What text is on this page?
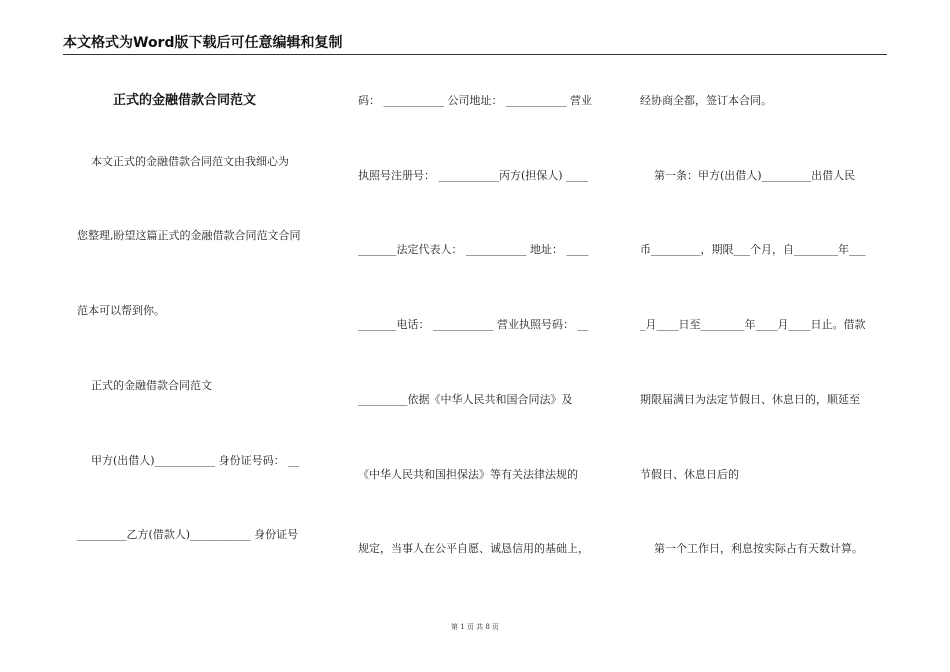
本文格式为Word版下载后可任意编辑和复制
正式的金融借款合同范文
本文正式的金融借款合同范文由我细心为
您整理,盼望这篇正式的金融借款合同范文合同
范本可以帮到你。
正式的金融借款合同范文
甲方(出借人)___________ 身份证号码： __
_________乙方(借款人)___________ 身份证号
码： ___________ 公司地址： ___________ 营业
执照号注册号： ___________丙方(担保人) ____
_______法定代表人： ___________ 地址： ____
_______电话： ___________ 营业执照号码： __
_________依据《中华人民共和国合同法》及
《中华人民共和国担保法》等有关法律法规的
规定，当事人在公平自愿、诚恳信用的基础上，
经协商全都，签订本合同。
第一条：甲方(出借人)_________出借人民
币_________，期限___个月，自________年___
_月____日至________年____月____日止。借款
期限届满日为法定节假日、休息日的，顺延至
节假日、休息日后的
第一个工作日，利息按实际占有天数计算。
第 1 页 共 8 页
